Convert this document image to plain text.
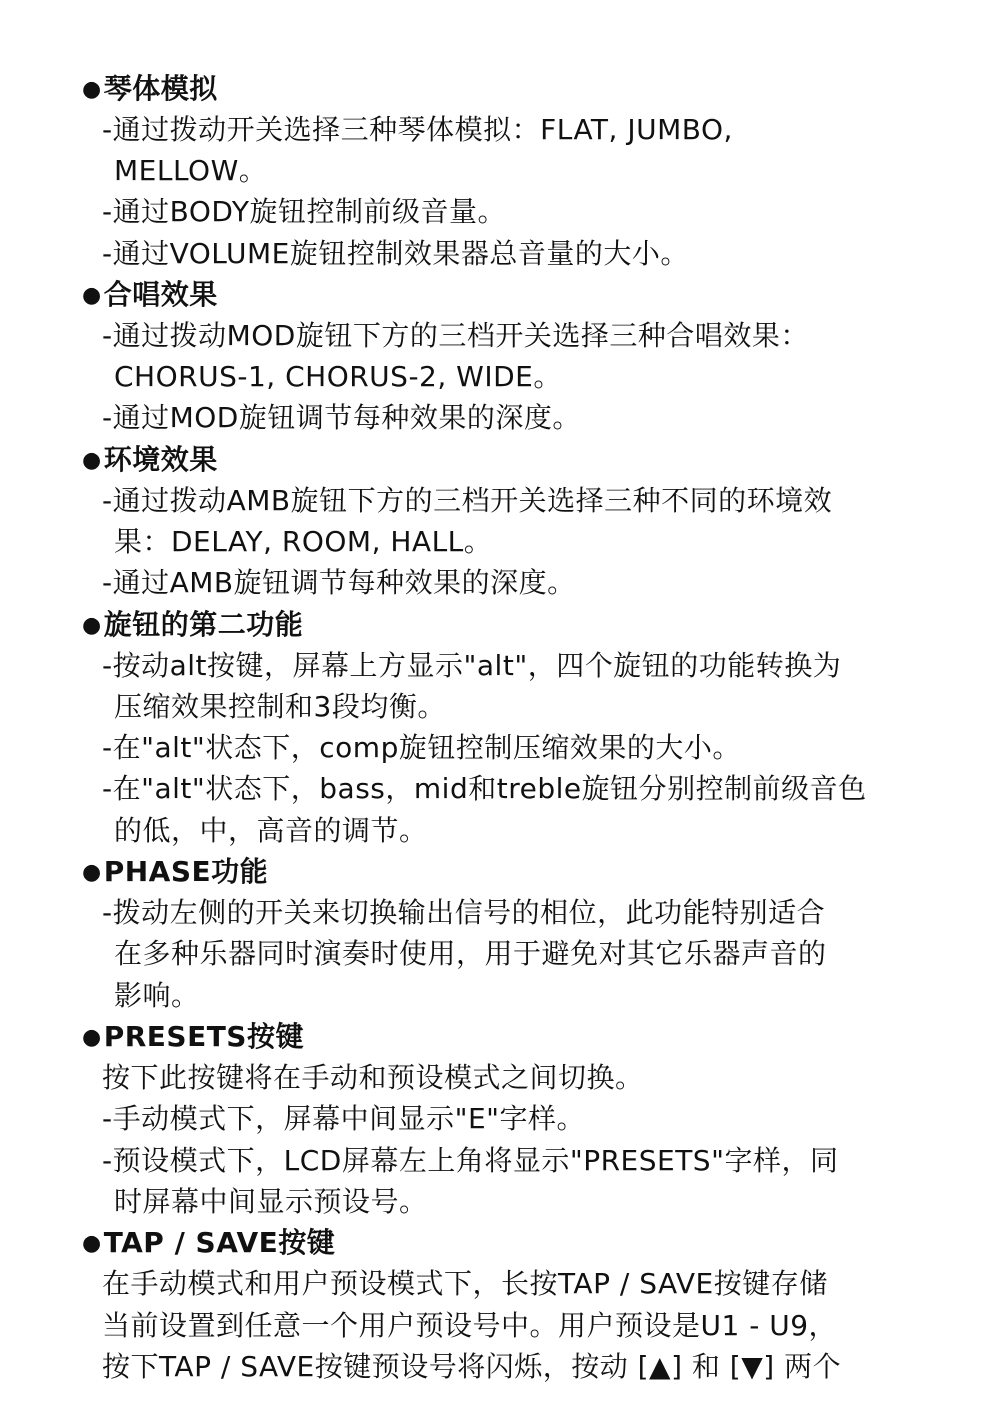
●琴体模拟
-通过拨动开关选择三种琴体模拟：FLAT, JUMBO,
MELLOW。
-通过BODY旋钮控制前级音量。
-通过VOLUME旋钮控制效果器总音量的大小。
●合唱效果
-通过拨动MOD旋钮下方的三档开关选择三种合唱效果：
CHORUS-1, CHORUS-2, WIDE。
-通过MOD旋钮调节每种效果的深度。
●环境效果
-通过拨动AMB旋钮下方的三档开关选择三种不同的环境效
果：DELAY, ROOM, HALL。
-通过AMB旋钮调节每种效果的深度。
●旋钮的第二功能
-按动alt按键，屏幕上方显示"alt"，四个旋钮的功能转换为
压缩效果控制和3段均衡。
-在"alt"状态下，comp旋钮控制压缩效果的大小。
-在"alt"状态下，bass，mid和treble旋钮分别控制前级音色
的低，中，高音的调节。
●PHASE功能
-拨动左侧的开关来切换输出信号的相位，此功能特别适合
在多种乐器同时演奏时使用，用于避免对其它乐器声音的
影响。
●PRESETS按键
按下此按键将在手动和预设模式之间切换。
-手动模式下，屏幕中间显示"E"字样。
-预设模式下，LCD屏幕左上角将显示"PRESETS"字样，同
时屏幕中间显示预设号。
●TAP / SAVE按键
在手动模式和用户预设模式下，长按TAP / SAVE按键存储
当前设置到任意一个用户预设号中。用户预设是U1 - U9，
按下TAP / SAVE按键预设号将闪烁，按动 [▲] 和 [▼] 两个
